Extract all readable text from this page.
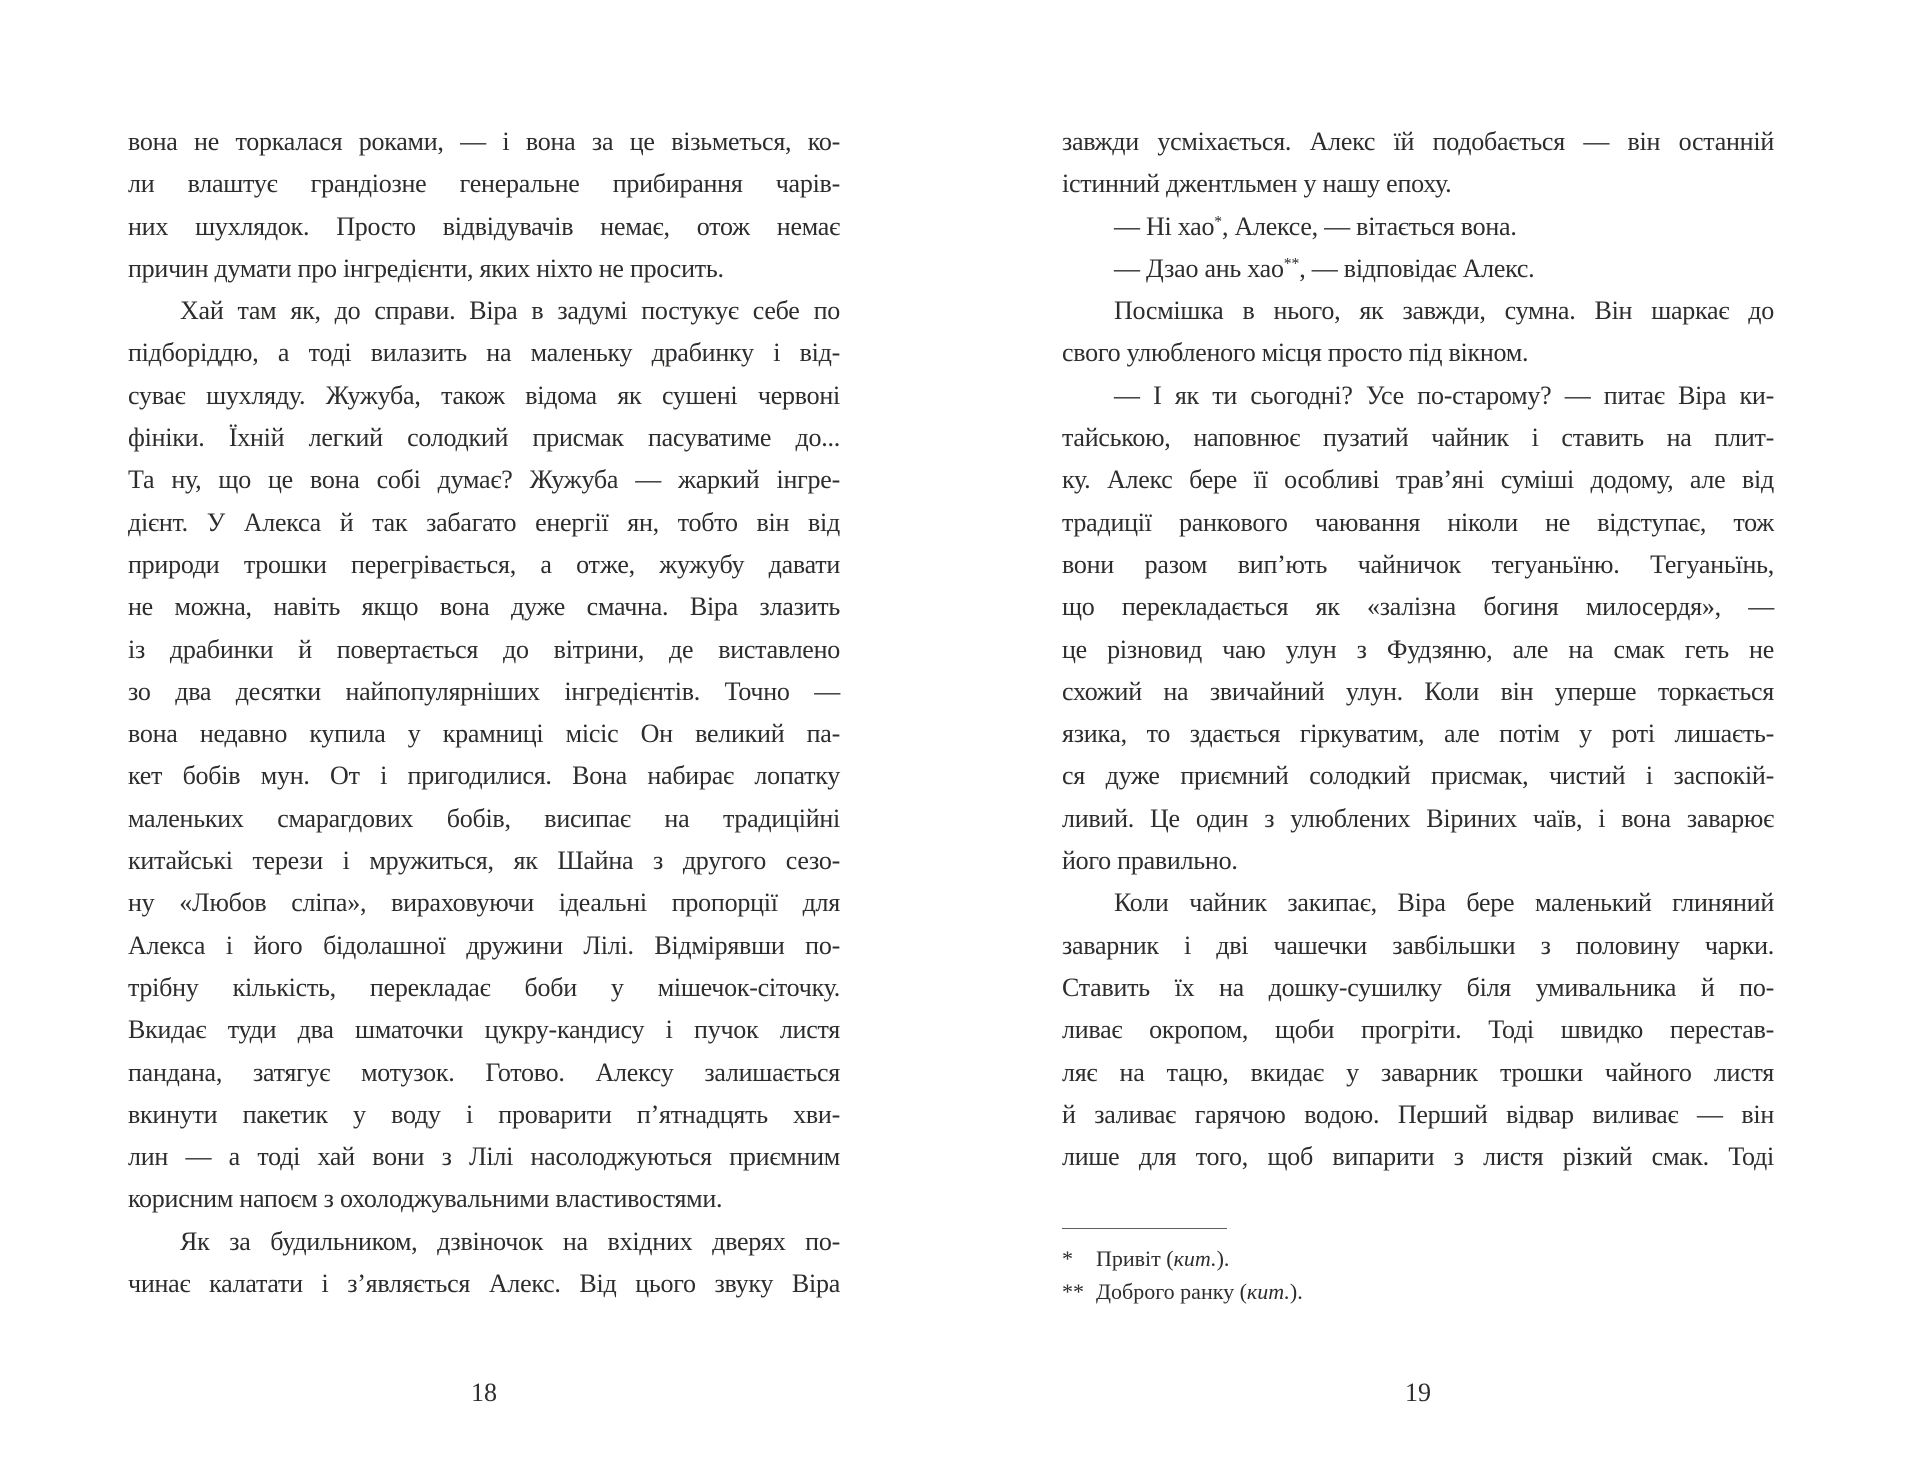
вона не торкалася роками, — і вона за це візьметься, ко-
ли влаштує грандіозне генеральне прибирання чарів-
них шухлядок. Просто відвідувачів немає, отож немає
причин думати про інгредієнти, яких ніхто не просить.
Хай там як, до справи. Віра в задумі постукує себе по
підборіддю, а тоді вилазить на маленьку драбинку і від-
суває шухляду. Жужуба, також відома як сушені червоні
фініки. Їхній легкий солодкий присмак пасуватиме до...
Та ну, що це вона собі думає? Жужуба — жаркий інгре-
дієнт. У Алекса й так забагато енергії ян, тобто він від
природи трошки перегрівається, а отже, жужубу давати
не можна, навіть якщо вона дуже смачна. Віра злазить
із драбинки й повертається до вітрини, де виставлено
зо два десятки найпопулярніших інгредієнтів. Точно —
вона недавно купила у крамниці місіс Он великий па-
кет бобів мун. От і пригодилися. Вона набирає лопатку
маленьких смарагдових бобів, висипає на традиційні
китайські терези і мружиться, як Шайна з другого сезо-
ну «Любов сліпа», вираховуючи ідеальні пропорції для
Алекса і його бідолашної дружини Лілі. Відмірявши по-
трібну кількість, перекладає боби у мішечок-сіточку.
Вкидає туди два шматочки цукру-кандису і пучок листя
пандана, затягує мотузок. Готово. Алексу залишається
вкинути пакетик у воду і проварити п’ятнадцять хви-
лин — а тоді хай вони з Лілі насолоджуються приємним
корисним напоєм з охолоджувальними властивостями.
Як за будильником, дзвіночок на вхідних дверях по-
чинає калатати і з’являється Алекс. Від цього звуку Віра
18
завжди усміхається. Алекс їй подобається — він останній
істинний джентльмен у нашу епоху.
— Ні хао*, Алексе, — вітається вона.
— Дзао ань хао**, — відповідає Алекс.
Посмішка в нього, як завжди, сумна. Він шаркає до
свого улюбленого місця просто під вікном.
— І як ти сьогодні? Усе по-старому? — питає Віра ки-
тайською, наповнює пузатий чайник і ставить на плит-
ку. Алекс бере її особливі трав’яні суміші додому, але від
традиції ранкового чаювання ніколи не відступає, тож
вони разом вип’ють чайничок тегуаньїню. Тегуаньїнь,
що перекладається як «залізна богиня милосердя», —
це різновид чаю улун з Фудзяню, але на смак геть не
схожий на звичайний улун. Коли він уперше торкається
язика, то здається гіркуватим, але потім у роті лишаєть-
ся дуже приємний солодкий присмак, чистий і заспокій-
ливий. Це один з улюблених Віриних чаїв, і вона заварює
його правильно.
Коли чайник закипає, Віра бере маленький глиняний
заварник і дві чашечки завбільшки з половину чарки.
Ставить їх на дошку-сушилку біля умивальника й по-
ливає окропом, щоби прогріти. Тоді швидко перестав-
ляє на тацю, вкидає у заварник трошки чайного листя
й заливає гарячою водою. Перший відвар виливає — він
лише для того, щоб випарити з листя різкий смак. Тоді
*	Привіт (кит.).
** Доброго ранку (кит.).
19
